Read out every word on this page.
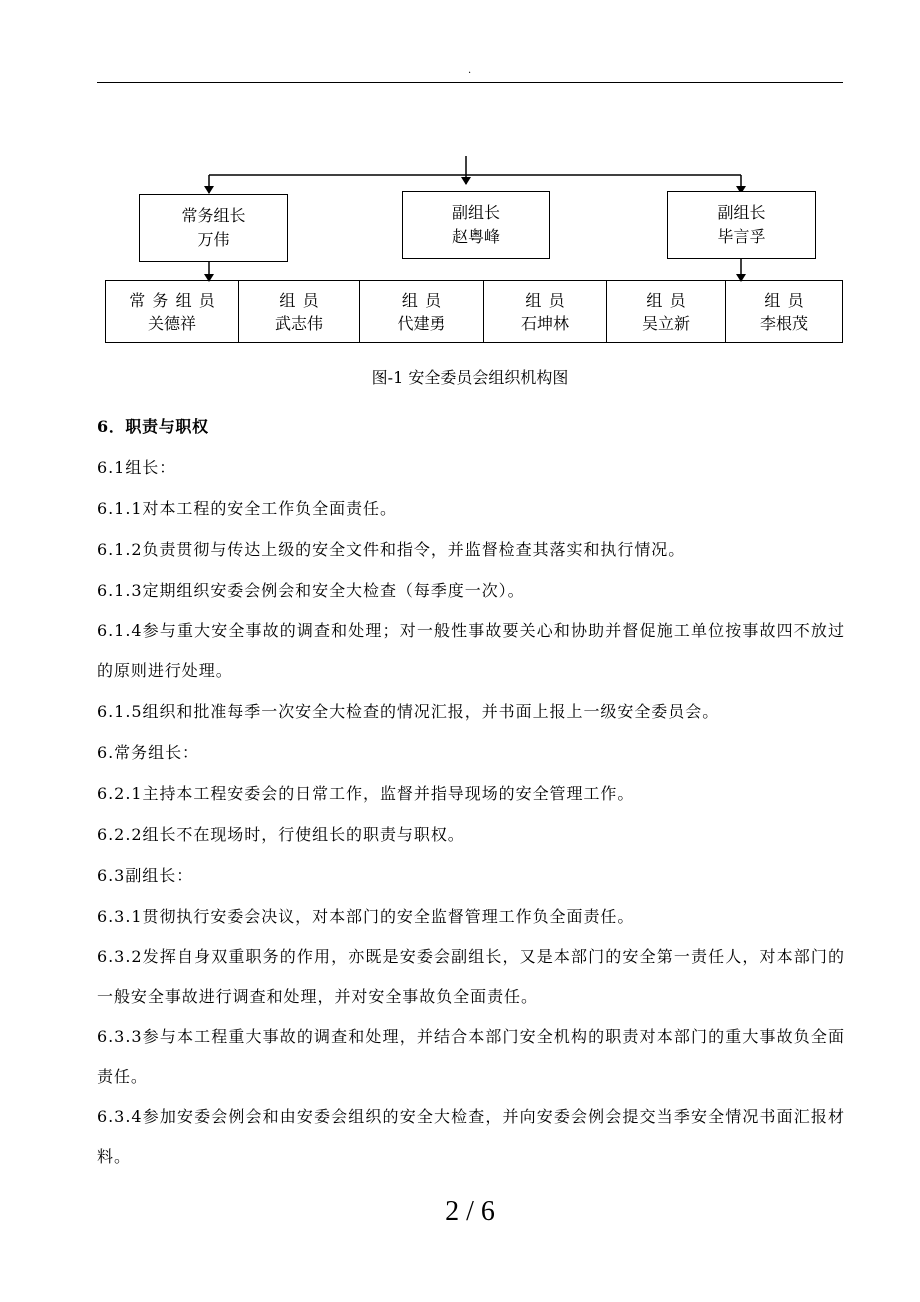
.
常务组长
万伟
副组长
赵粤峰
副组长
毕言孚
常务组员
关德祥
组员
武志伟
组员
代建勇
组员
石坤林
组员
吴立新
组员
李根茂
图-1 安全委员会组织机构图
6．职责与职权
6.1组长：
6.1.1对本工程的安全工作负全面责任。
6.1.2负责贯彻与传达上级的安全文件和指令，并监督检查其落实和执行情况。
6.1.3定期组织安委会例会和安全大检查（每季度一次）。
6.1.4参与重大安全事故的调查和处理；对一般性事故要关心和协助并督促施工单位按事故四不放过的原则进行处理。
6.1.5组织和批准每季一次安全大检查的情况汇报，并书面上报上一级安全委员会。
6.常务组长：
6.2.1主持本工程安委会的日常工作，监督并指导现场的安全管理工作。
6.2.2组长不在现场时，行使组长的职责与职权。
6.3副组长：
6.3.1贯彻执行安委会决议，对本部门的安全监督管理工作负全面责任。
6.3.2发挥自身双重职务的作用，亦既是安委会副组长，又是本部门的安全第一责任人，对本部门的一般安全事故进行调查和处理，并对安全事故负全面责任。
6.3.3参与本工程重大事故的调查和处理，并结合本部门安全机构的职责对本部门的重大事故负全面责任。
6.3.4参加安委会例会和由安委会组织的安全大检查，并向安委会例会提交当季安全情况书面汇报材料。
2 / 6
